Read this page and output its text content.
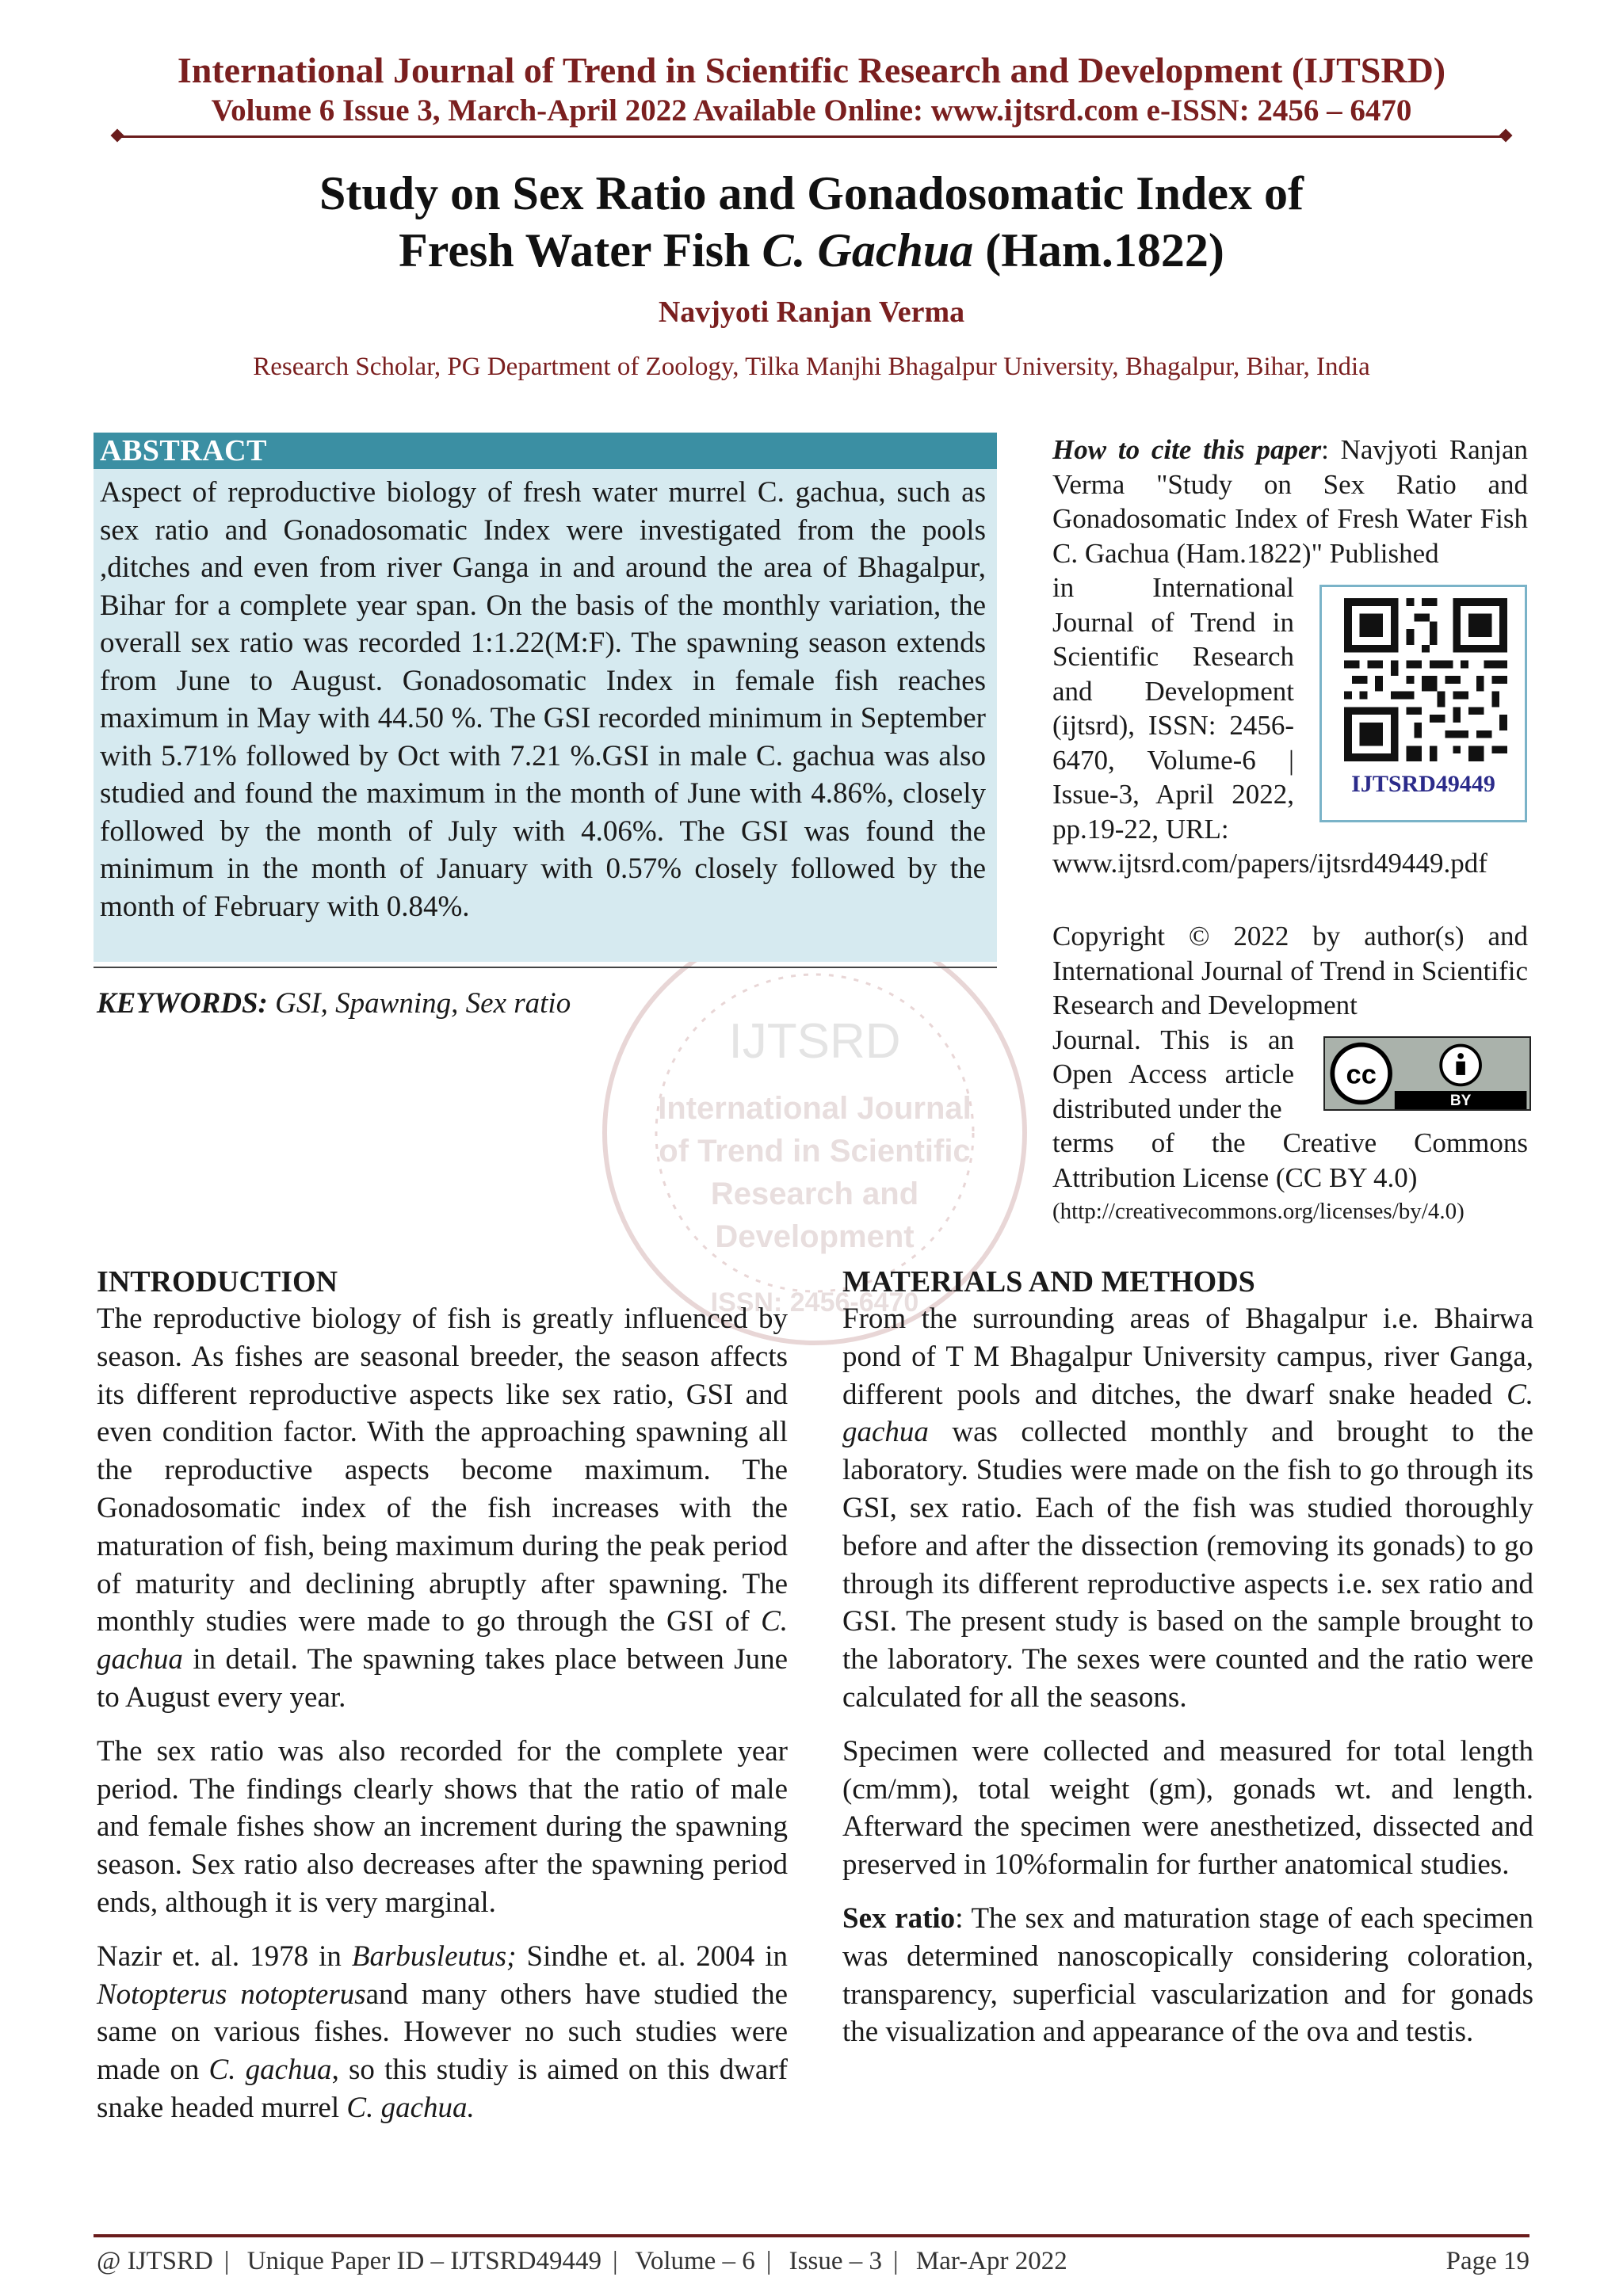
International Journal of Trend in Scientific Research and Development (IJTSRD)
Volume 6 Issue 3, March-April 2022 Available Online: www.ijtsrd.com e-ISSN: 2456 – 6470
Study on Sex Ratio and Gonadosomatic Index of
Fresh Water Fish C. Gachua (Ham.1822)
Navjyoti Ranjan Verma
Research Scholar, PG Department of Zoology, Tilka Manjhi Bhagalpur University, Bhagalpur, Bihar, India
IJTSRD
International Journal
of Trend in Scientific
Research and
Development
ISSN: 2456-6470
ABSTRACT
Aspect of reproductive biology of fresh water murrel C. gachua, such as sex ratio and Gonadosomatic Index were investigated from the pools ,ditches and even from river Ganga in and around the area of Bhagalpur, Bihar for a complete year span. On the basis of the monthly variation, the overall sex ratio was recorded 1:1.22(M:F). The spawning season extends from June to August. Gonadosomatic Index in female fish reaches maximum in May with 44.50 %. The GSI recorded minimum in September with 5.71% followed by Oct with 7.21 %.GSI in male C. gachua was also studied and found the maximum in the month of June with 4.86%, closely followed by the month of July with 4.06%. The GSI was found the minimum in the month of January with 0.57% closely followed by the month of February with 0.84%.
KEYWORDS: GSI, Spawning, Sex ratio
How to cite this paper: Navjyoti Ranjan Verma "Study on Sex Ratio and Gonadosomatic Index of Fresh Water Fish C. Gachua (Ham.1822)" Published
in International Journal of Trend in Scientific Research and Development (ijtsrd), ISSN: 2456-6470, Volume-6 | Issue-3, April 2022, pp.19-22, URL:
www.ijtsrd.com/papers/ijtsrd49449.pdf
IJTSRD49449
Copyright © 2022 by author(s) and International Journal of Trend in Scientific Research and Development
Journal. This is an Open Access article distributed under the
terms of the Creative Commons Attribution License (CC BY 4.0)
(http://creativecommons.org/licenses/by/4.0)
cc
BY
INTRODUCTION
The reproductive biology of fish is greatly influenced by season. As fishes are seasonal breeder, the season affects its different reproductive aspects like sex ratio, GSI and even condition factor. With the approaching spawning all the reproductive aspects become maximum. The Gonadosomatic index of the fish increases with the maturation of fish, being maximum during the peak period of maturity and declining abruptly after spawning. The monthly studies were made to go through the GSI of C. gachua in detail. The spawning takes place between June to August every year.
The sex ratio was also recorded for the complete year period. The findings clearly shows that the ratio of male and female fishes show an increment during the spawning season. Sex ratio also decreases after the spawning period ends, although it is very marginal.
Nazir et. al. 1978 in Barbusleutus; Sindhe et. al. 2004 in Notopterus notopterusand many others have studied the same on various fishes. However no such studies were made on C. gachua, so this studiy is aimed on this dwarf snake headed murrel C. gachua.
MATERIALS AND METHODS
From the surrounding areas of Bhagalpur i.e. Bhairwa pond of T M Bhagalpur University campus, river Ganga, different pools and ditches, the dwarf snake headed C. gachua was collected monthly and brought to the laboratory. Studies were made on the fish to go through its GSI, sex ratio. Each of the fish was studied thoroughly before and after the dissection (removing its gonads) to go through its different reproductive aspects i.e. sex ratio and GSI. The present study is based on the sample brought to the laboratory. The sexes were counted and the ratio were calculated for all the seasons.
Specimen were collected and measured for total length (cm/mm), total weight (gm), gonads wt. and length. Afterward the specimen were anesthetized, dissected and preserved in 10%formalin for further anatomical studies.
Sex ratio: The sex and maturation stage of each specimen was determined nanoscopically considering coloration, transparency, superficial vascularization and for gonads the visualization and appearance of the ova and testis.
@ IJTSRD | Unique Paper ID – IJTSRD49449 | Volume – 6 | Issue – 3 | Mar-Apr 2022	Page 19
